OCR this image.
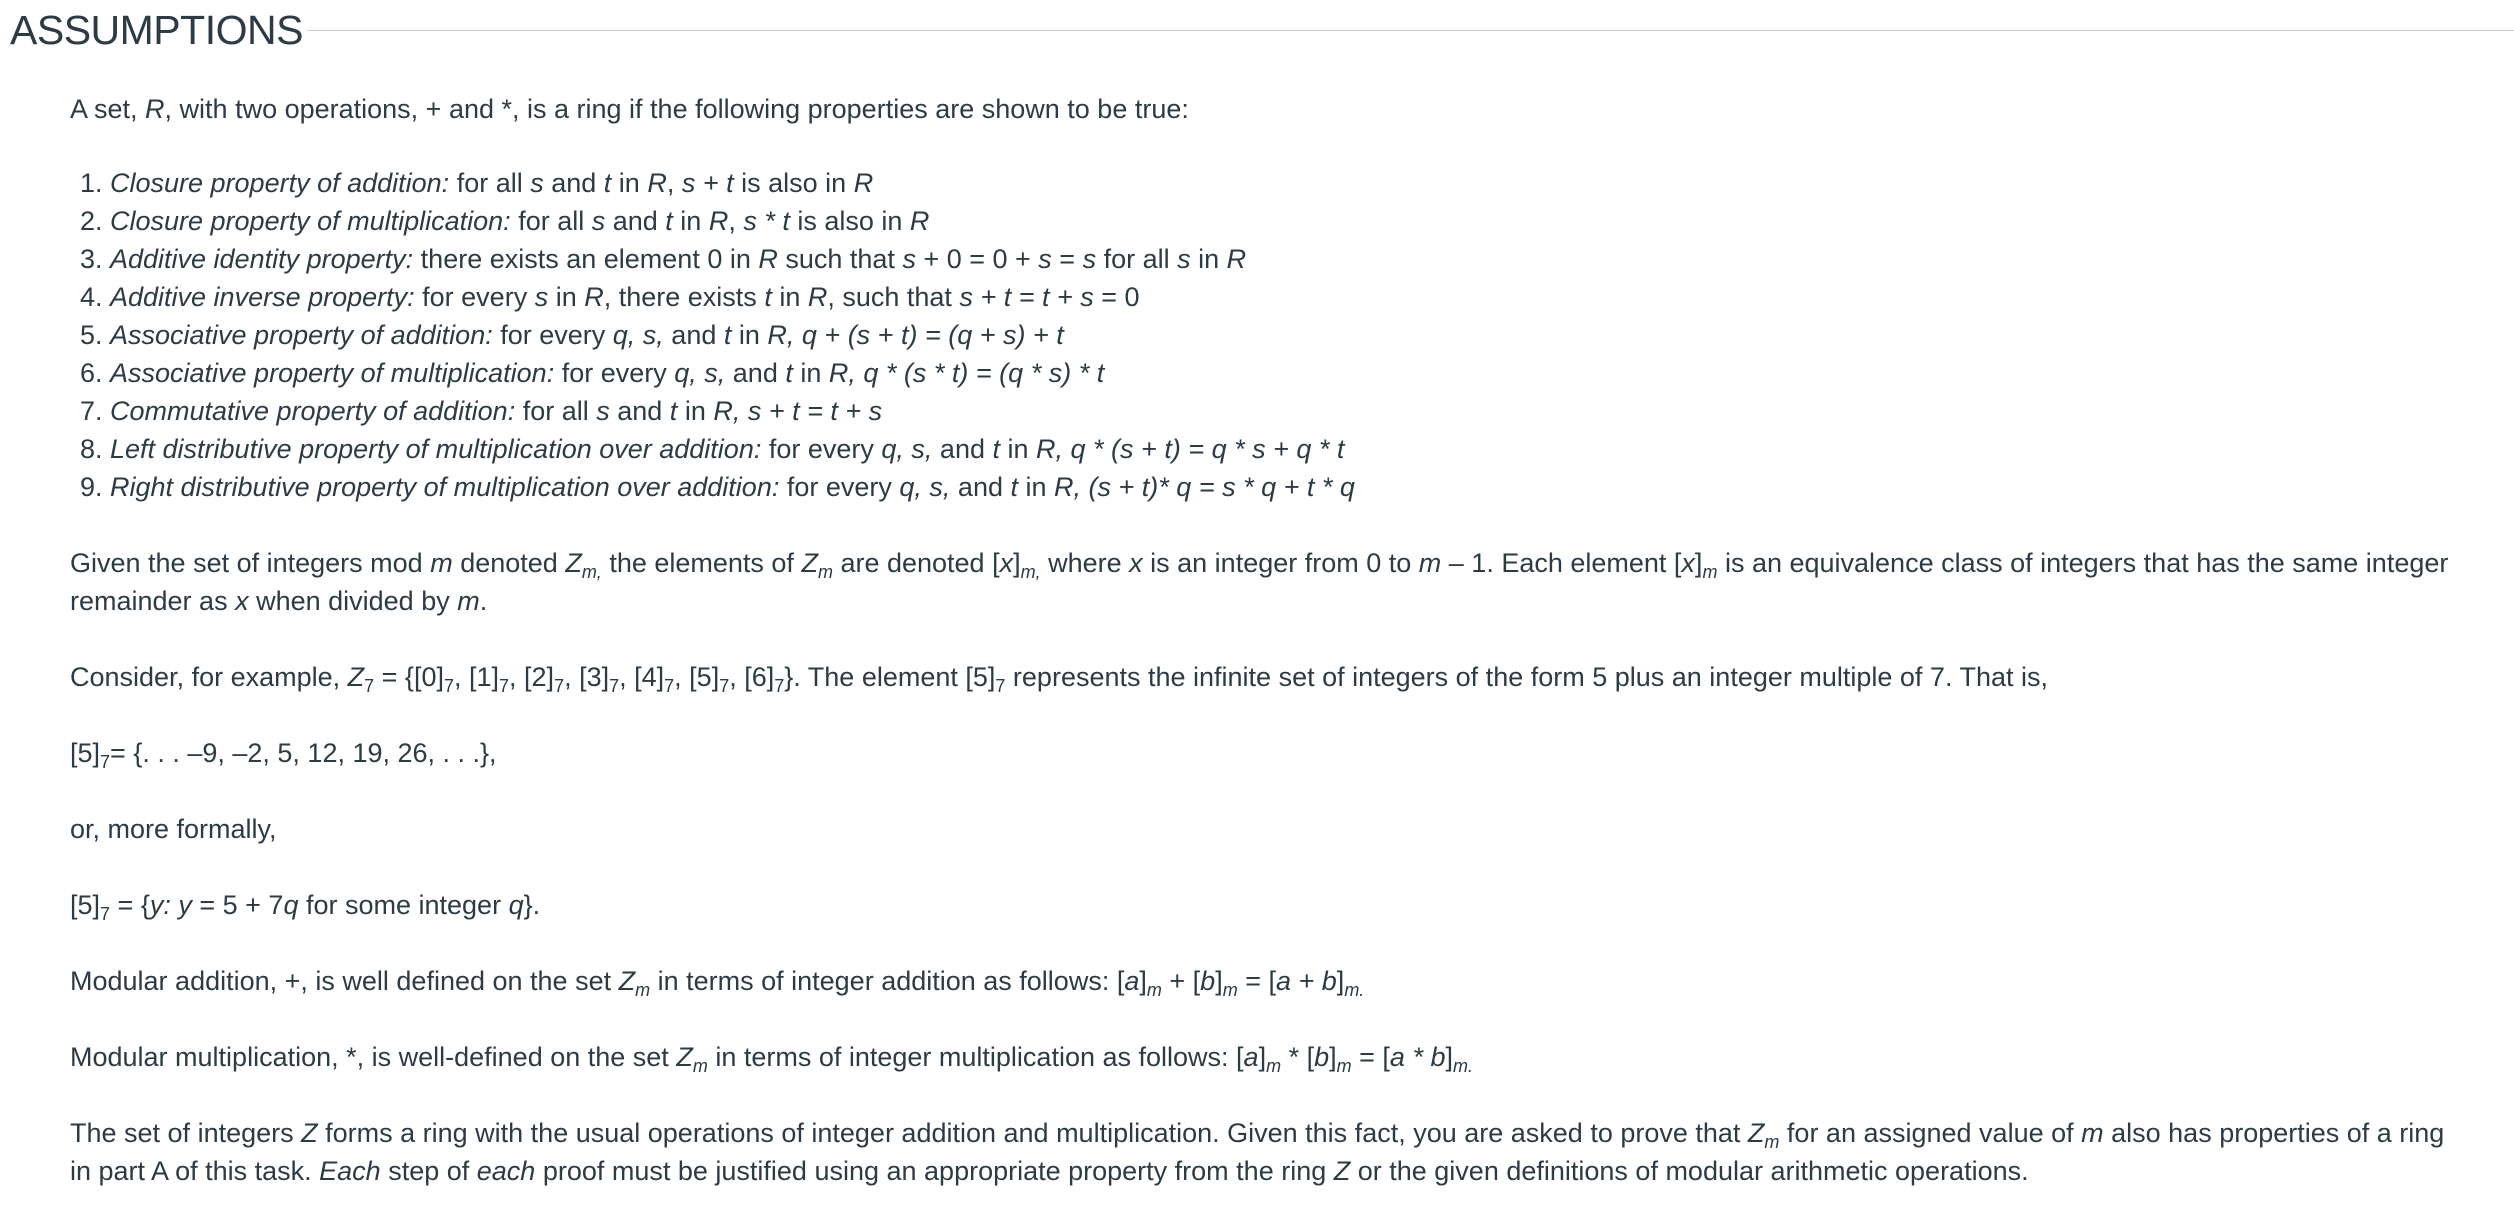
ASSUMPTIONS

A set, R, with two operations, + and *, is a ring if the following properties are shown to be true:

1. Closure property of addition: for all s and t in R, s + t is also in R
2. Closure property of multiplication: for all s and t in R, s * t is also in R
3. Additive identity property: there exists an element 0 in R such that s + 0 = 0 + s = s for all s in R
4. Additive inverse property: for every s in R, there exists t in R, such that s + t = t + s = 0
5. Associative property of addition: for every q, s, and t in R, q + (s + t) = (q + s) + t
6. Associative property of multiplication: for every q, s, and t in R, q * (s * t) = (q * s) * t
7. Commutative property of addition: for all s and t in R, s + t = t + s
8. Left distributive property of multiplication over addition: for every q, s, and t in R, q * (s + t) = q * s + q * t
9. Right distributive property of multiplication over addition: for every q, s, and t in R, (s + t)* q = s * q + t * q

Given the set of integers mod m denoted $Z_{m,}$ the elements of $Z_m$ are denoted $[x]_{m,}$ where x is an integer from 0 to m – 1. Each element $[x]_m$ is an equivalence class of integers that has the same integer remainder as x when divided by m.

Consider, for example, $Z_7 = \{[0]_7$, $[1]_7$, $[2]_7$, $[3]_7$, $[4]_7$, $[5]_7$, $[6]_7$}. The element $[5]_7$ represents the infinite set of integers of the form 5 plus an integer multiple of 7. That is,

$[5]_7=$ {. . . –9, –2, 5, 12, 19, 26, . . .},

or, more formally,

$[5]_7 = \{y$: y = 5 + 7q for some integer q}.

Modular addition, +, is well defined on the set $Z_m$ in terms of integer addition as follows: $[a]_m + [b]_m = [a + b]_{m.}$

Modular multiplication, *, is well-defined on the set $Z_m$ in terms of integer multiplication as follows: $[a]_m * [b]_m = [a * b]_{m.}$

The set of integers Z forms a ring with the usual operations of integer addition and multiplication. Given this fact, you are asked to prove that $Z_m$ for an assigned value of m also has properties of a ring in part A of this task. Each step of each proof must be justified using an appropriate property from the ring Z or the given definitions of modular arithmetic operations.
